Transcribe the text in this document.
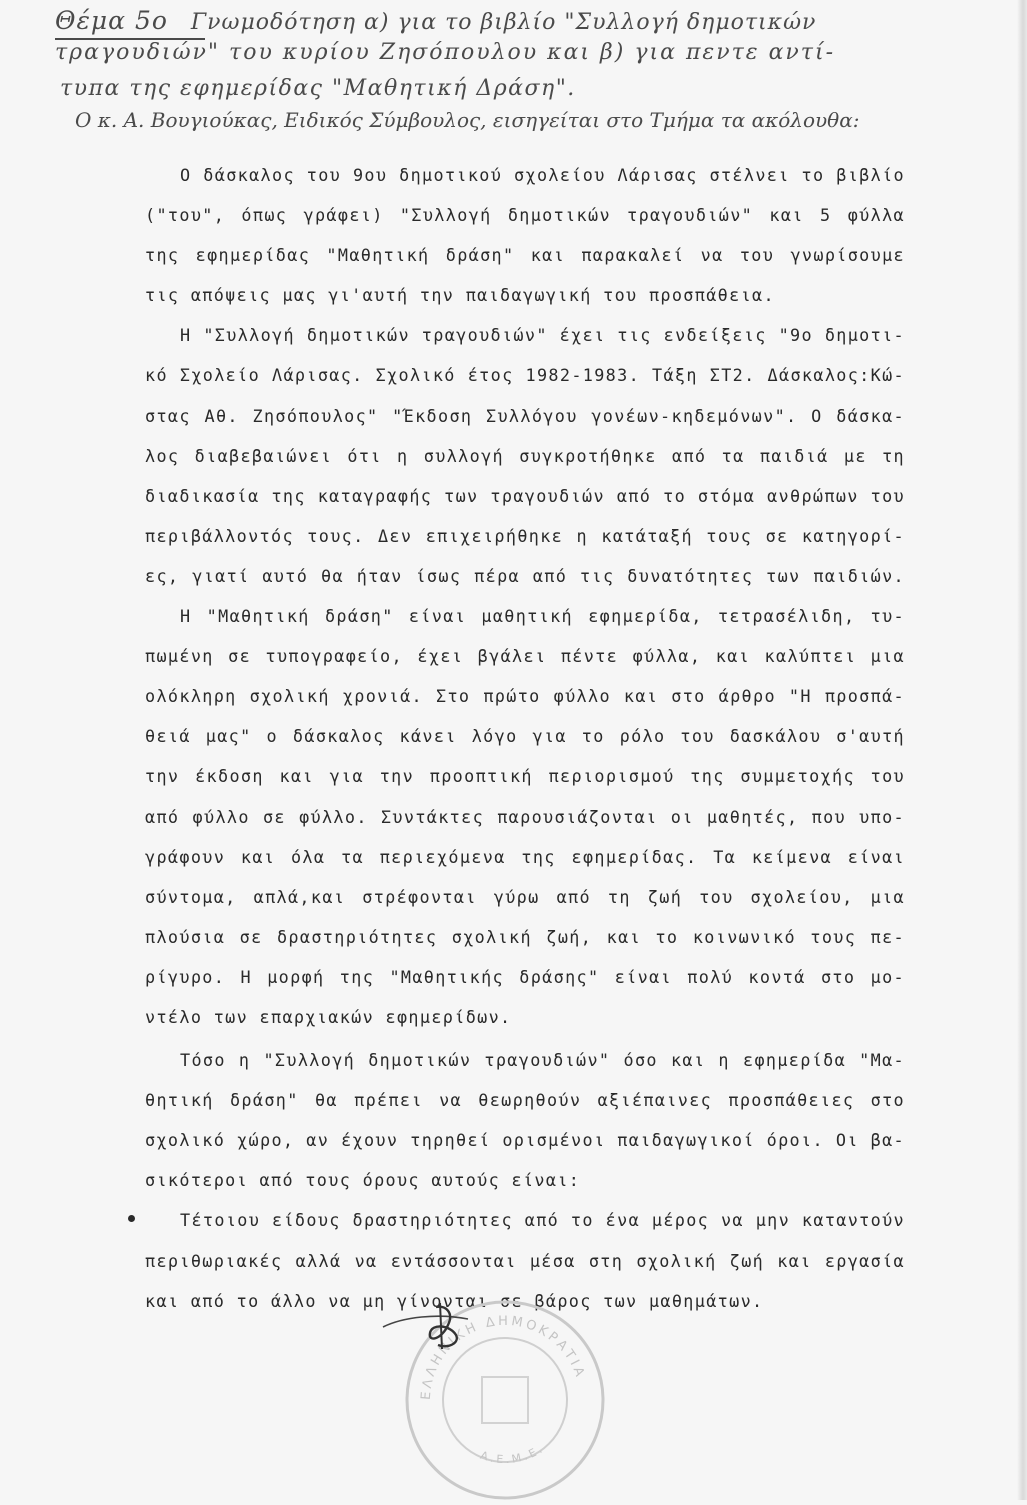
Θέμα 5ο Γνωμοδότηση α) για το βιβλίο "Συλλογή δημοτικών
τραγουδιών" του κυρίου Ζησόπουλου και β) για πεντε αντί-
τυπα της εφημερίδας "Μαθητική Δράση".
Ο κ. Α. Βουγιούκας, Ειδικός Σύμβουλος, εισηγείται στο Τμήμα τα ακόλουθα:
Ο δάσκαλος του 9ου δημοτικού σχολείου Λάρισας στέλνει το βιβλίο
("του", όπως γράφει) "Συλλογή δημοτικών τραγουδιών" και 5 φύλλα
της εφημερίδας "Μαθητική δράση" και παρακαλεί να του γνωρίσουμε
τις απόψεις μας γι'αυτή την παιδαγωγική του προσπάθεια.
Η "Συλλογή δημοτικών τραγουδιών" έχει τις ενδείξεις "9ο δημοτι-
κό Σχολείο Λάρισας. Σχολικό έτος 1982-1983. Τάξη ΣΤ2. Δάσκαλος:Κώ-
στας Αθ. Ζησόπουλος" "Έκδοση Συλλόγου γονέων-κηδεμόνων". Ο δάσκα-
λος διαβεβαιώνει ότι η συλλογή συγκροτήθηκε από τα παιδιά με τη
διαδικασία της καταγραφής των τραγουδιών από το στόμα ανθρώπων του
περιβάλλοντός τους. Δεν επιχειρήθηκε η κατάταξή τους σε κατηγορί-
ες, γιατί αυτό θα ήταν ίσως πέρα από τις δυνατότητες των παιδιών.
Η "Μαθητική δράση" είναι μαθητική εφημερίδα, τετρασέλιδη, τυ-
πωμένη σε τυπογραφείο, έχει βγάλει πέντε φύλλα, και καλύπτει μια
ολόκληρη σχολική χρονιά. Στο πρώτο φύλλο και στο άρθρο "Η προσπά-
θειά μας" ο δάσκαλος κάνει λόγο για το ρόλο του δασκάλου σ'αυτή
την έκδοση και για την προοπτική περιορισμού της συμμετοχής του
από φύλλο σε φύλλο. Συντάκτες παρουσιάζονται οι μαθητές, που υπο-
γράφουν και όλα τα περιεχόμενα της εφημερίδας. Τα κείμενα είναι
σύντομα, απλά,και στρέφονται γύρω από τη ζωή του σχολείου, μια
πλούσια σε δραστηριότητες σχολική ζωή, και το κοινωνικό τους πε-
ρίγυρο. Η μορφή της "Μαθητικής δράσης" είναι πολύ κοντά στο μο-
ντέλο των επαρχιακών εφημερίδων.
Τόσο η "Συλλογή δημοτικών τραγουδιών" όσο και η εφημερίδα "Μα-
θητική δράση" θα πρέπει να θεωρηθούν αξιέπαινες προσπάθειες στο
σχολικό χώρο, αν έχουν τηρηθεί ορισμένοι παιδαγωγικοί όροι. Οι βα-
σικότεροι από τους όρους αυτούς είναι:
Τέτοιου είδους δραστηριότητες από το ένα μέρος να μην καταντούν
περιθωριακές αλλά να εντάσσονται μέσα στη σχολική ζωή και εργασία
και από το άλλο να μη γίνονται σε βάρος των μαθημάτων.
ΕΛΛΗΝΙΚΗ ΔΗΜΟΚΡΑΤΙΑ
Α.Ε.Μ.Ε.
